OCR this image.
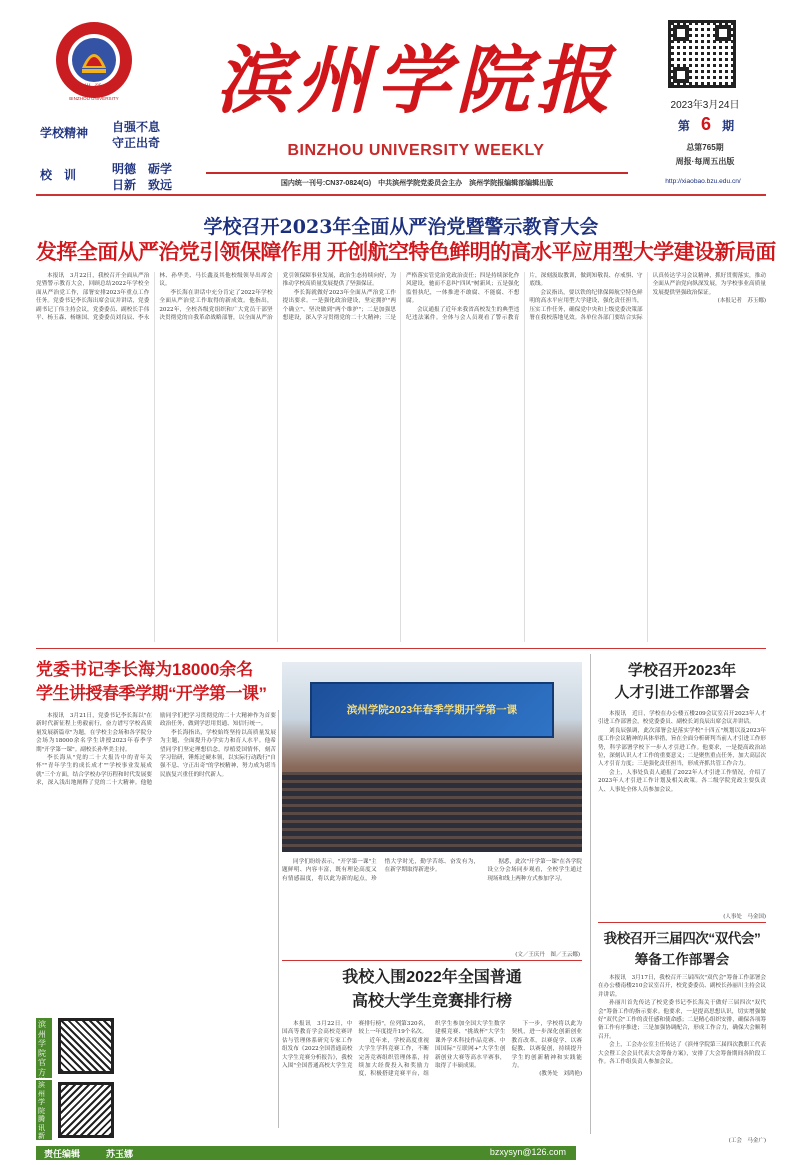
滨州学院
BINZHOU UNIVERSITY
学校精神 自强不息
守正出奇
校　训	明德　砺学
日新　致远
滨州学院报
BINZHOU UNIVERSITY WEEKLY
国内统一刊号:CN37-0824(G)　中共滨州学院党委员会主办　滨州学院报编辑部编辑出版
2023年3月24日
第 6 期
总第765期
周报·每周五出版
http://xiaobao.bzu.edu.cn/
学校召开2023年全面从严治党暨警示教育大会
发挥全面从严治党引领保障作用 开创航空特色鲜明的高水平应用型大学建设新局面

本报讯　3月22日，我校召开全面从严治党暨警示教育大会，回顾总结2022年学校全面从严治党工作，部署安排2023年重点工作任务。党委书记李长海出席会议并讲话，党委副书记丁伟主持会议，党委委员、副校长手伟平、杨玉森、杨继国、党委委员刘良辰、李永林、孙华美、马长鑫及其他校级领导出席会议。

李长海在讲话中充分肯定了2022年学校全面从严治党工作取得的新成效。他指出，2022年，全校各级党组织和广大党员干部坚决贯彻党的自我革命战略部署，以全面从严治党引领保障事业发展，政治生态持续向好，为推动学校高质量发展提供了坚强保证。

李长海就做好2023年全面从严治党工作提出要求。一是强化政治建设，坚定拥护"两个确立"、坚决做到"两个维护"；二是加强思想建设，深入学习贯彻党的二十大精神；三是严格落实管党治党政治责任；四是持续深化作风建设，驰而不息纠"四风"树新风；五是强化监督执纪，一体推进不敢腐、不能腐、不想腐。

会议通报了近年来我省高校发生的典型违纪违法案件。全体与会人员观看了警示教育片，深刻汲取教训，做到知敬畏、存戒惧、守底线。

会议指出，要以铁的纪律保障航空特色鲜明的高水平应用型大学建设，强化责任担当，压实工作任务，确保党中央和上级党委决策部署在我校落地见效。各单位各部门要结合实际认真传达学习会议精神，抓好贯彻落实，推动全面从严治党向纵深发展，为学校事业高质量发展提供坚强政治保证。

(本报记者　苏玉娜)
党委书记李长海为18000余名
学生讲授春季学期“开学第一课”
滨州学院2023年春季学期开学第一课

本报讯　3月21日，党委书记李长海以"在新时代新征程上勇毅前行，奋力谱写学校高质量发展新篇章"为题，在学校主会场和各学院分会场为18000余名学生讲授2023年春季学期"开学第一课"。副校长孙华美主持。

李长海从"党的二十大报告中的青年关怀""青年学生的成长成才""学校事业发展成就"三个方面，结合学校办学历程和时代发展要求，深入浅出地阐释了党的二十大精神。他勉励同学们把学习贯彻党的二十大精神作为首要政治任务，做到学思用贯通、知信行统一。

李长海指出，学校始终坚持以高质量发展为主题，全面提升办学实力和育人水平。他希望同学们坚定理想信念，厚植爱国情怀，刻苦学习钻研，锤炼过硬本领，以实际行动践行"自强不息、守正出奇"的学校精神，努力成为堪当民族复兴重任的时代新人。

同学们纷纷表示，"开学第一课"主题鲜明、内容丰富，既有理论高度又有情感温度，将以此为新的起点，珍惜大学时光，勤学苦练、奋发有为，在新学期取得新进步。

据悉，此次"开学第一课"在各学院设立分会场同步观看，全校学生通过现场和线上两种方式参加学习。

(文／王庆丹　图／王云娜)
滨州学院官方
滨州学院腾讯新
我校入围2022年全国普通
高校大学生竞赛排行榜

本报讯　3月22日，中国高等教育学会高校竞赛评估与管理体系研究专家工作组发布《2022全国普通高校大学生竞赛分析报告》，我校入围"全国普通高校大学生竞赛排行榜"，位列第320名，较上一年度提升19个名次。

近年来，学校高度重视大学生学科竞赛工作，不断完善竞赛组织管理体系，持续加大经费投入和奖励力度，积极搭建竞赛平台，组织学生参加全国大学生数学建模竞赛、"挑战杯"大学生课外学术科技作品竞赛、中国国际"互联网+"大学生创新创业大赛等高水平赛事，取得了丰硕成果。

下一步，学校将以此为契机，进一步深化创新创业教育改革，以赛促学、以赛促教、以赛促创，持续提升学生的创新精神和实践能力。

(教务处　刘鸿艳)
学校召开2023年
人才引进工作部署会

本报讯　近日，学校在办公楼五楼209会议室召开2023年人才引进工作部署会，校党委委员、副校长刘良辰出席会议并讲话。

刘良辰强调，此次部署会是落实学校"十四五"规划以及2023年度工作会议精神的具体举措，旨在全面分析研判当前人才引进工作形势，科学部署学校下一步人才引进工作。他要求，一是提高政治站位，深刻认识人才工作的重要意义；二是聚焦重点任务，加大高层次人才引育力度；三是强化责任担当，形成齐抓共管工作合力。

会上，人事处负责人通报了2022年人才引进工作情况，介绍了2023年人才引进工作计划及相关政策。各二级学院党政主要负责人、人事处全体人员参加会议。

(人事处　马金国)
我校召开三届四次“双代会”
筹备工作部署会

本报讯　3月17日，我校召开三届四次"双代会"筹备工作部署会在办公楼南楼210会议室召开，校党委委员、副校长孙丽川主持会议并讲话。

孙丽川首先传达了校党委书记李长海关于做好三届四次"双代会"筹备工作的指示要求。他要求，一是提高思想认识，切实增强做好"双代会"工作的责任感和使命感；二是精心组织安排，确保各项筹备工作有序推进；三是加强协调配合，形成工作合力，确保大会顺利召开。

会上，工会办公室主任传达了《滨州学院第三届四次教职工代表大会暨工会会员代表大会筹备方案》，安排了大会筹备期间各阶段工作。各工作组负责人参加会议。

(工会　马金广)
责任编辑	苏玉娜	bzxysyn@126.com
